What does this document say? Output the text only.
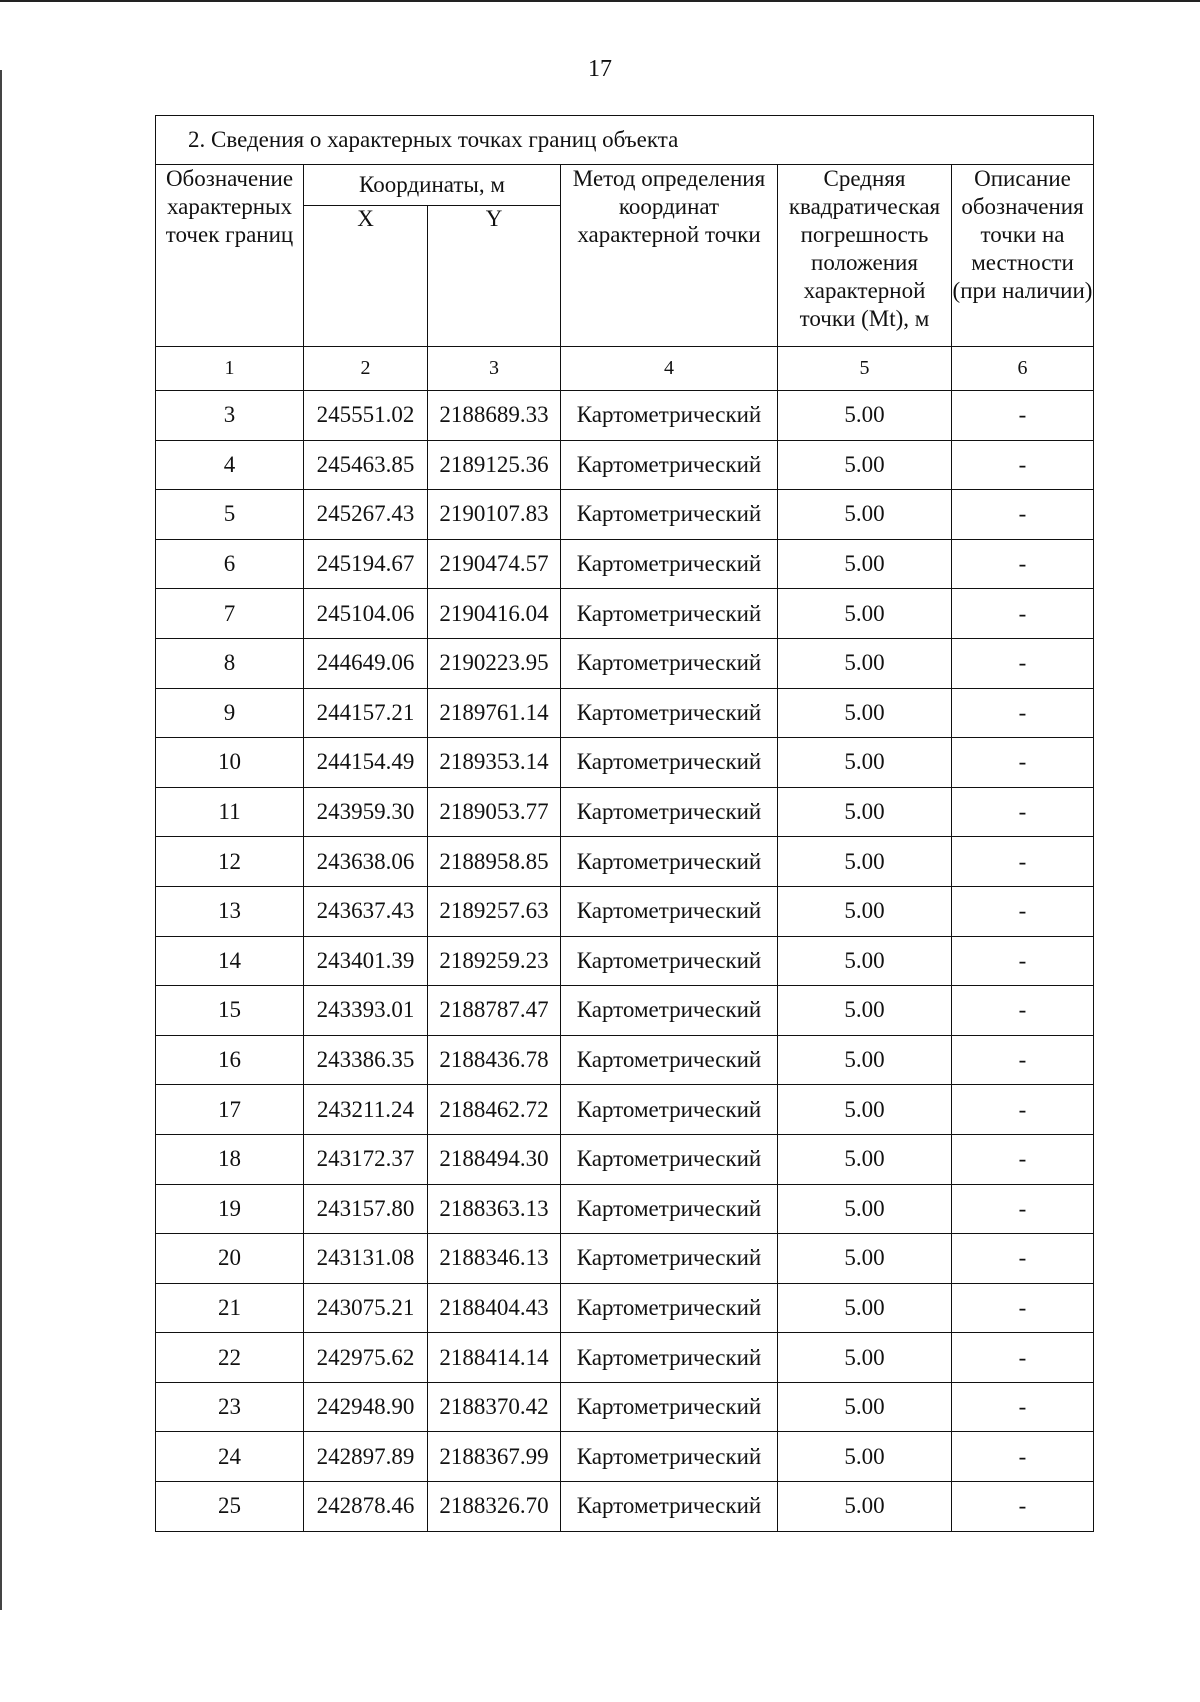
17
2. Сведения о характерных точках границ объекта					
Обозначение характерных точек границ	Координаты, м		Метод определения координат характерной точки	Средняя квадратическая погрешность положения характерной точки (Mt), м	Описание обозначения точки на местности (при наличии)
	X	Y			
1	2	3	4	5	6
3	245551.02	2188689.33	Картометрический	5.00	-
4	245463.85	2189125.36	Картометрический	5.00	-
5	245267.43	2190107.83	Картометрический	5.00	-
6	245194.67	2190474.57	Картометрический	5.00	-
7	245104.06	2190416.04	Картометрический	5.00	-
8	244649.06	2190223.95	Картометрический	5.00	-
9	244157.21	2189761.14	Картометрический	5.00	-
10	244154.49	2189353.14	Картометрический	5.00	-
11	243959.30	2189053.77	Картометрический	5.00	-
12	243638.06	2188958.85	Картометрический	5.00	-
13	243637.43	2189257.63	Картометрический	5.00	-
14	243401.39	2189259.23	Картометрический	5.00	-
15	243393.01	2188787.47	Картометрический	5.00	-
16	243386.35	2188436.78	Картометрический	5.00	-
17	243211.24	2188462.72	Картометрический	5.00	-
18	243172.37	2188494.30	Картометрический	5.00	-
19	243157.80	2188363.13	Картометрический	5.00	-
20	243131.08	2188346.13	Картометрический	5.00	-
21	243075.21	2188404.43	Картометрический	5.00	-
22	242975.62	2188414.14	Картометрический	5.00	-
23	242948.90	2188370.42	Картометрический	5.00	-
24	242897.89	2188367.99	Картометрический	5.00	-
25	242878.46	2188326.70	Картометрический	5.00	-
